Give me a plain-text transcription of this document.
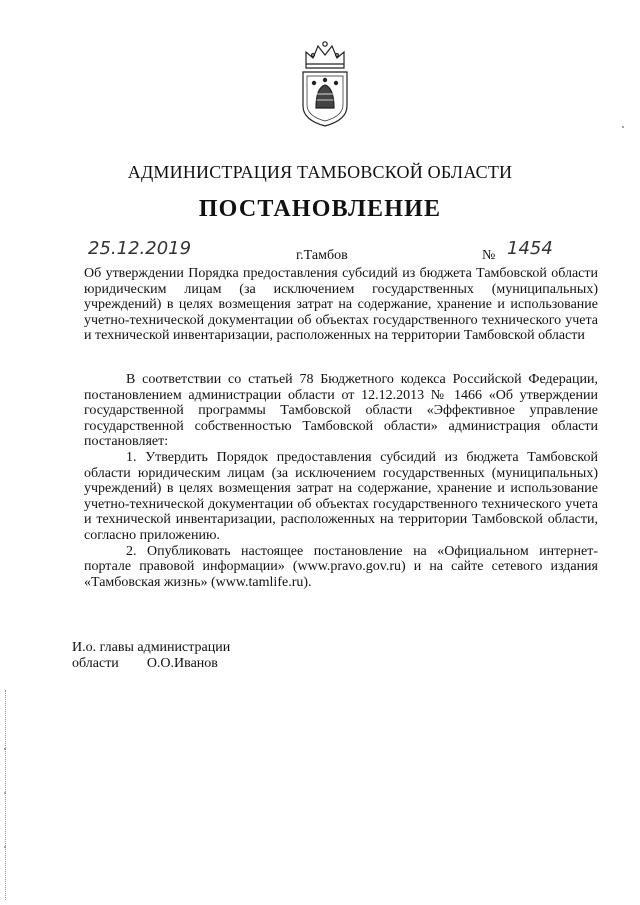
АДМИНИСТРАЦИЯ ТАМБОВСКОЙ ОБЛАСТИ
ПОСТАНОВЛЕНИЕ
25.12.2019	г.Тамбов	№ 1454
Об утверждении Порядка предоставления субсидий из бюджета Тамбовской области юридическим лицам (за исключением государственных (муниципальных) учреждений) в целях возмещения затрат на содержание, хранение и использование учетно-технической документации об объектах государственного технического учета и технической инвентаризации, расположенных на территории Тамбовской области

В соответствии со статьей 78 Бюджетного кодекса Российской Федерации, постановлением администрации области от 12.12.2013 № 1466 «Об утверждении государственной программы Тамбовской области «Эффективное управление государственной собственностью Тамбовской области» администрация области постановляет:

1. Утвердить Порядок предоставления субсидий из бюджета Тамбовской области юридическим лицам (за исключением государственных (муниципальных) учреждений) в целях возмещения затрат на содержание, хранение и использование учетно-технической документации об объектах государственного технического учета и технической инвентаризации, расположенных на территории Тамбовской области, согласно приложению.

2. Опубликовать настоящее постановление на «Официальном интернет-портале правовой информации» (www.pravo.gov.ru) и на сайте сетевого издания «Тамбовская жизнь» (www.tamlife.ru).

И.о. главы администрации
области О.О.Иванов
